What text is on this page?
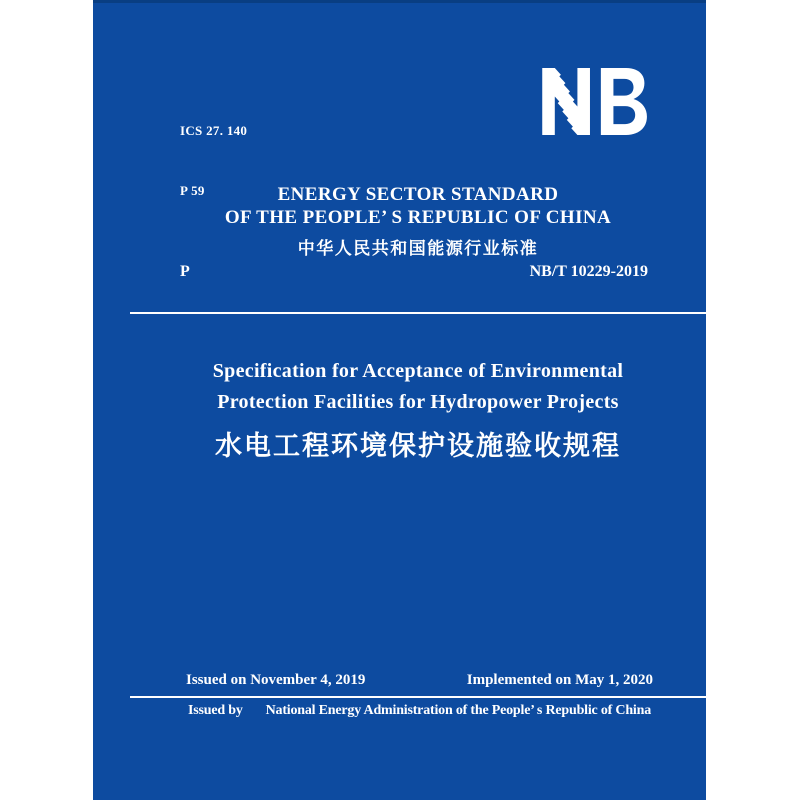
ICS 27. 140

P 59

	ENERGY SECTOR STANDARD
OF THE PEOPLE’ S REPUBLIC OF CHINA
中华人民共和国能源行业标准
P	NB/T 10229-2019
Specification for Acceptance of Environmental
Protection Facilities for Hydropower Projects
水电工程环境保护设施验收规程
Issued on November 4, 2019	Implemented on May 1, 2020
Issued by National Energy Administration of the People’ s Republic of China
